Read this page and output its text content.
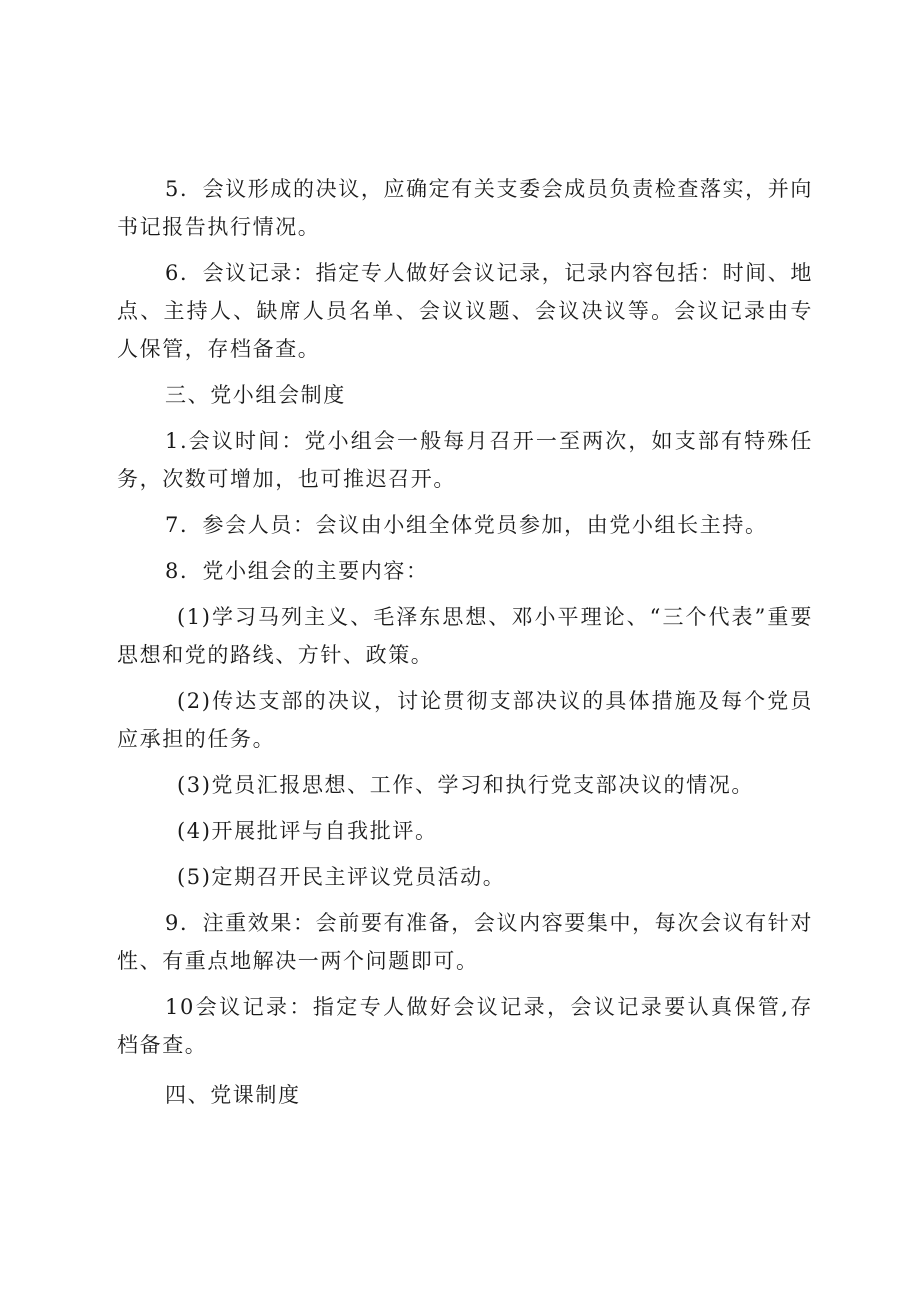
5．会议形成的决议，应确定有关支委会成员负责检查落实，并向书记报告执行情况。

6．会议记录：指定专人做好会议记录，记录内容包括：时间、地点、主持人、缺席人员名单、会议议题、会议决议等。会议记录由专人保管，存档备查。

三、党小组会制度

1.会议时间：党小组会一般每月召开一至两次，如支部有特殊任务，次数可增加，也可推迟召开。

7．参会人员：会议由小组全体党员参加，由党小组长主持。

8．党小组会的主要内容：

(1)学习马列主义、毛泽东思想、邓小平理论、“三个代表”重要思想和党的路线、方针、政策。

(2)传达支部的决议，讨论贯彻支部决议的具体措施及每个党员应承担的任务。

(3)党员汇报思想、工作、学习和执行党支部决议的情况。

(4)开展批评与自我批评。

(5)定期召开民主评议党员活动。

9．注重效果：会前要有准备，会议内容要集中，每次会议有针对性、有重点地解决一两个问题即可。

10会议记录：指定专人做好会议记录，会议记录要认真保管,存档备查。

四、党课制度
